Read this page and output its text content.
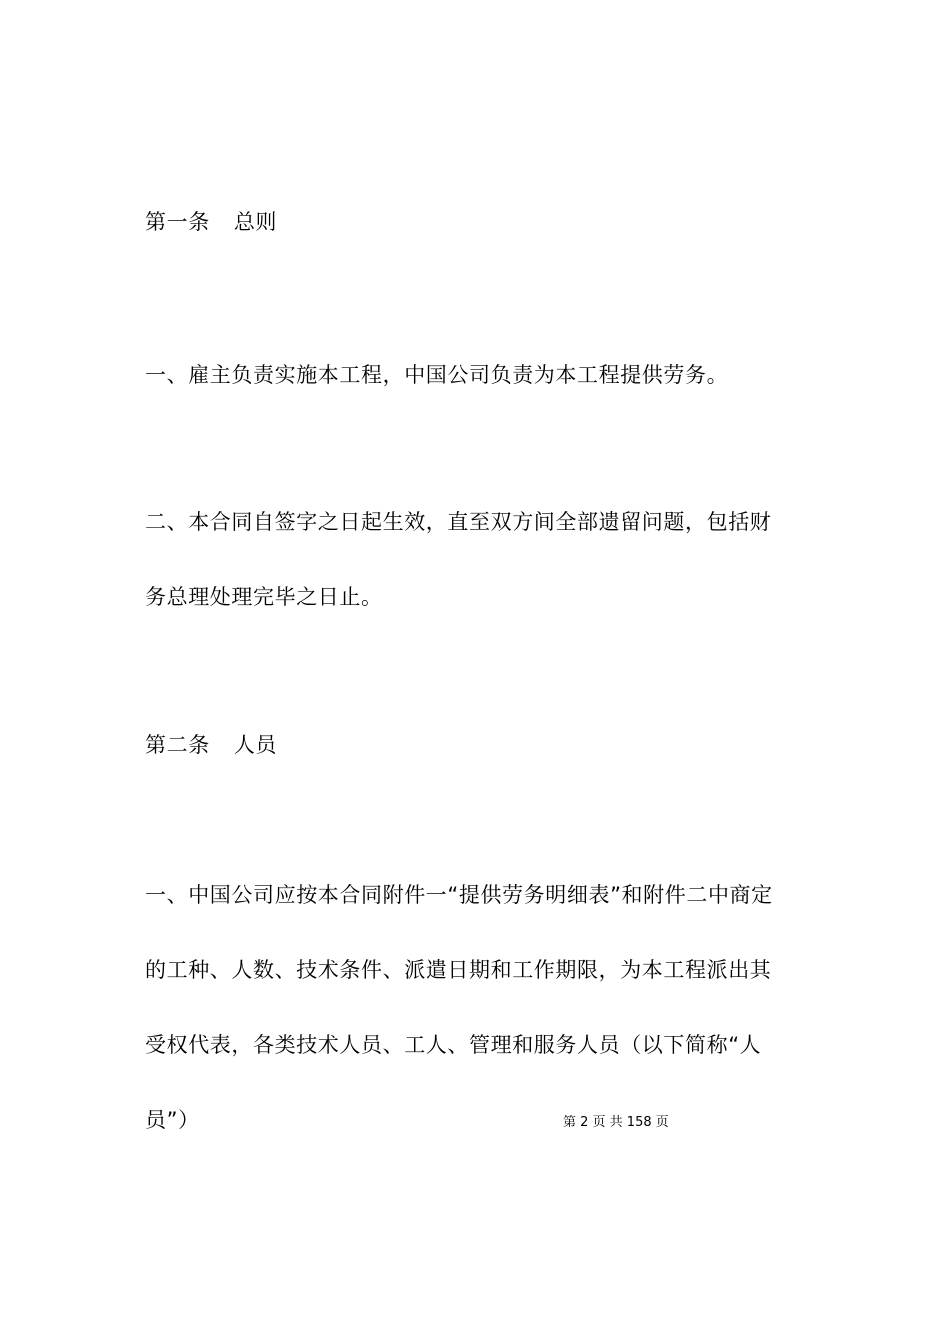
第一条 总则
一、雇主负责实施本工程，中国公司负责为本工程提供劳务。
二、本合同自签字之日起生效，直至双方间全部遗留问题，包括财
务总理处理完毕之日止。
第二条 人员
一、中国公司应按本合同附件一“提供劳务明细表”和附件二中商定
的工种、人数、技术条件、派遣日期和工作期限，为本工程派出其
受权代表，各类技术人员、工人、管理和服务人员（以下简称“人
员”）	第 2 页 共 158 页
